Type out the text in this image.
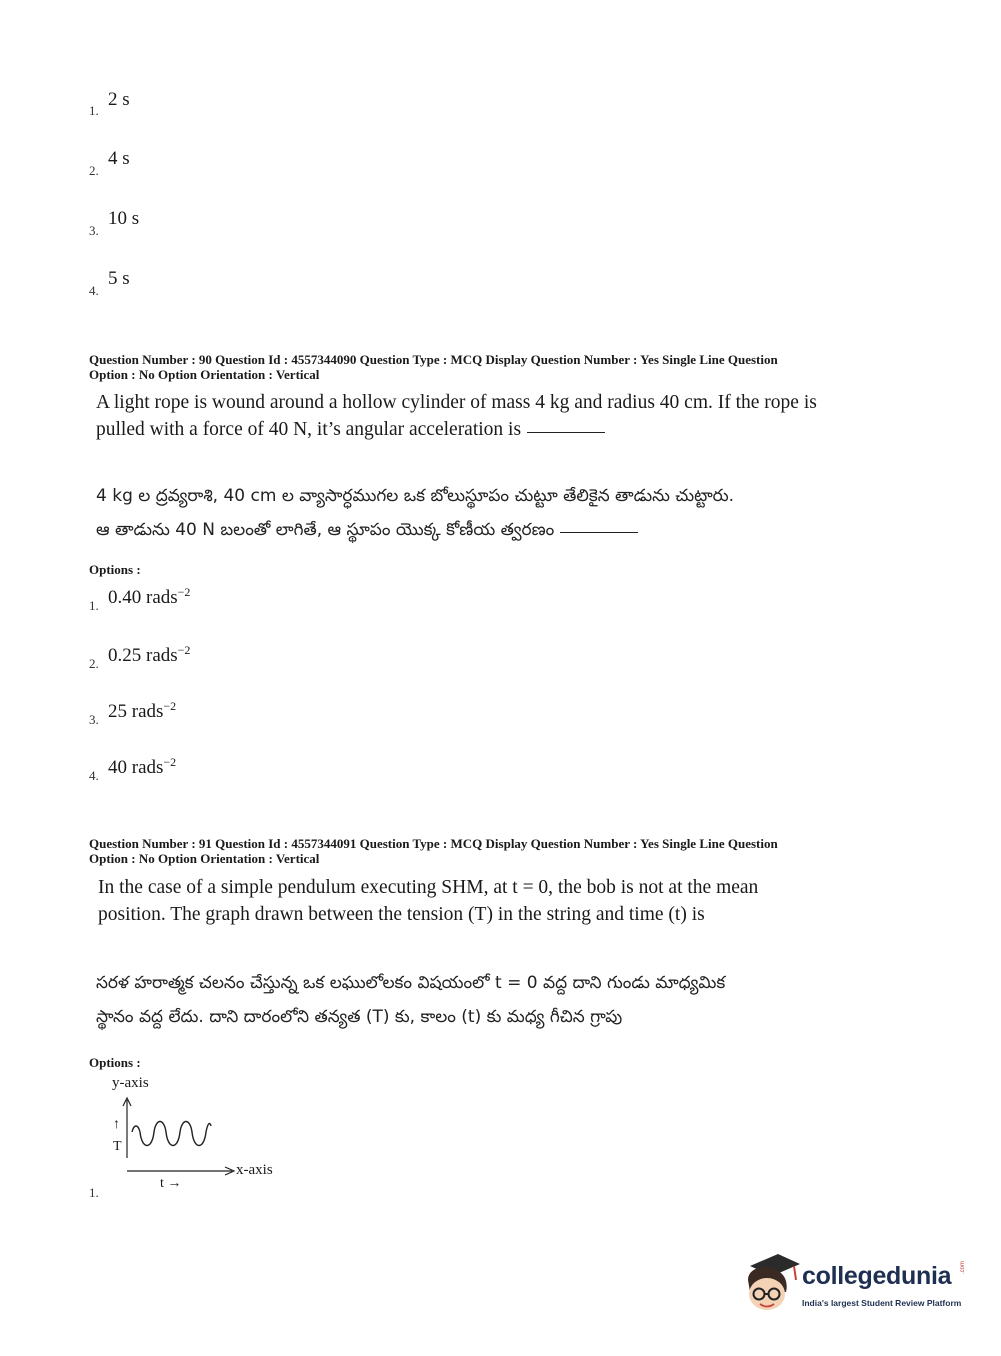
1.
2 s
2.
4 s
3.
10 s
4.
5 s
Question Number : 90 Question Id : 4557344090 Question Type : MCQ Display Question Number : Yes Single Line Question
Option : No Option Orientation : Vertical
A light rope is wound around a hollow cylinder of mass 4 kg and radius 40 cm. If the rope is
pulled with a force of 40 N, it’s angular acceleration is
4 kg ల ద్రవ్యరాశి, 40 cm ల వ్యాసార్ధముగల ఒక బోలుస్థూపం చుట్టూ తేలికైన తాడును చుట్టారు.
ఆ తాడును 40 N బలంతో లాగితే, ఆ స్థూపం యొక్క కోణీయ త్వరణం
Options :
1. 0.40 rads$^{-2}$
2. 0.25 rads$^{-2}$
3. 25 rads$^{-2}$
4. 40 rads$^{-2}$
Question Number : 91 Question Id : 4557344091 Question Type : MCQ Display Question Number : Yes Single Line Question
Option : No Option Orientation : Vertical
In the case of a simple pendulum executing SHM, at t = 0, the bob is not at the mean
position. The graph drawn between the tension (T) in the string and time (t) is
సరళ హరాత్మక చలనం చేస్తున్న ఒక లఘులోలకం విషయంలో t = 0 వద్ద దాని గుండు మాధ్యమిక
స్థానం వద్ద లేదు. దాని దారంలోని తన్యత (T) కు, కాలం (t) కు మధ్య గీచిన గ్రాపు
Options :
y-axis
↑
T
x-axis
t →
1.
collegedunia .com
India's largest Student Review Platform
